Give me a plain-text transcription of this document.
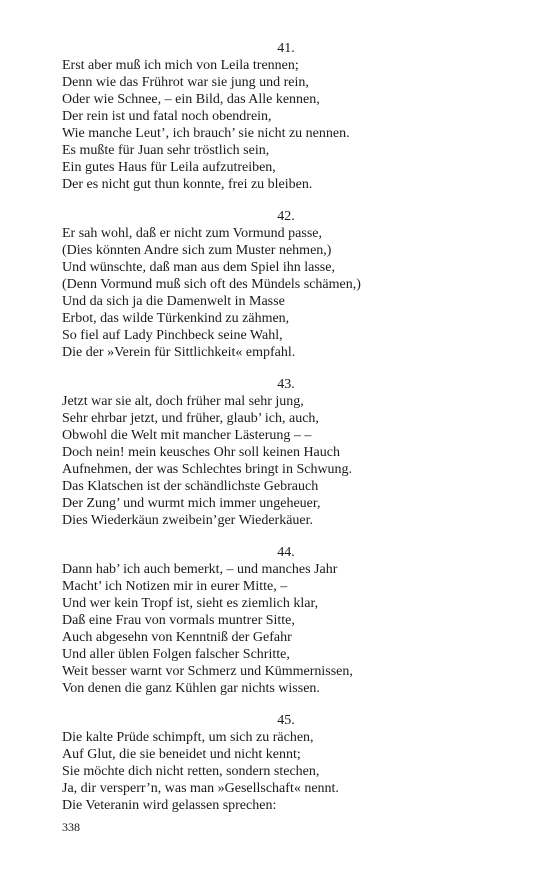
41.
Erst aber muß ich mich von Leila trennen;
Denn wie das Frührot war sie jung und rein,
Oder wie Schnee, – ein Bild, das Alle kennen,
Der rein ist und fatal noch obendrein,
Wie manche Leut’, ich brauch’ sie nicht zu nennen.
Es mußte für Juan sehr tröstlich sein,
Ein gutes Haus für Leila aufzutreiben,
Der es nicht gut thun konnte, frei zu bleiben.
42.
Er sah wohl, daß er nicht zum Vormund passe,
(Dies könnten Andre sich zum Muster nehmen,)
Und wünschte, daß man aus dem Spiel ihn lasse,
(Denn Vormund muß sich oft des Mündels schämen,)
Und da sich ja die Damenwelt in Masse
Erbot, das wilde Türkenkind zu zähmen,
So fiel auf Lady Pinchbeck seine Wahl,
Die der »Verein für Sittlichkeit« empfahl.
43.
Jetzt war sie alt, doch früher mal sehr jung,
Sehr ehrbar jetzt, und früher, glaub’ ich, auch,
Obwohl die Welt mit mancher Lästerung – –
Doch nein! mein keusches Ohr soll keinen Hauch
Aufnehmen, der was Schlechtes bringt in Schwung.
Das Klatschen ist der schändlichste Gebrauch
Der Zung’ und wurmt mich immer ungeheuer,
Dies Wiederkäun zweibein’ger Wiederkäuer.
44.
Dann hab’ ich auch bemerkt, – und manches Jahr
Macht’ ich Notizen mir in eurer Mitte, –
Und wer kein Tropf ist, sieht es ziemlich klar,
Daß eine Frau von vormals muntrer Sitte,
Auch abgesehn von Kenntniß der Gefahr
Und aller üblen Folgen falscher Schritte,
Weit besser warnt vor Schmerz und Kümmernissen,
Von denen die ganz Kühlen gar nichts wissen.
45.
Die kalte Prüde schimpft, um sich zu rächen,
Auf Glut, die sie beneidet und nicht kennt;
Sie möchte dich nicht retten, sondern stechen,
Ja, dir versperr’n, was man »Gesellschaft« nennt.
Die Veteranin wird gelassen sprechen:
338
